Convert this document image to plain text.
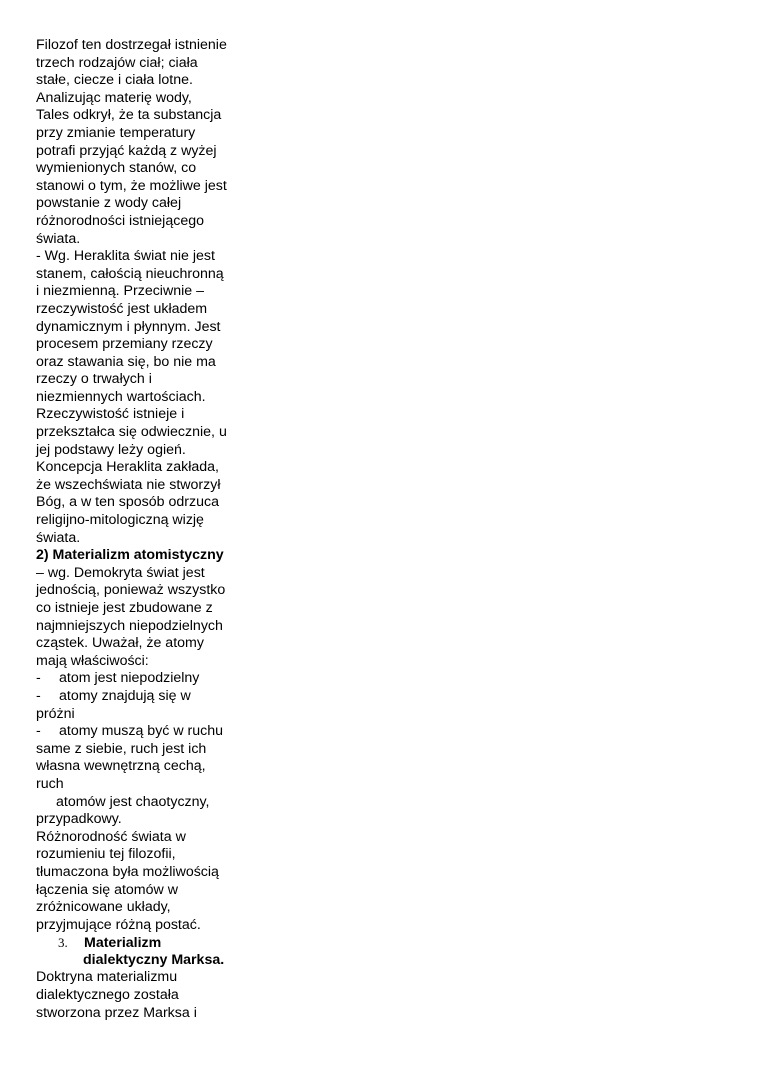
Filozof ten dostrzegał istnienie
trzech rodzajów ciał; ciała
stałe, ciecze i ciała lotne.
Analizując materię wody,
Tales odkrył, że ta substancja
przy zmianie temperatury
potrafi przyjąć każdą z wyżej
wymienionych stanów, co
stanowi o tym, że możliwe jest
powstanie z wody całej
różnorodności istniejącego
świata.
- Wg. Heraklita świat nie jest
stanem, całością nieuchronną
i niezmienną. Przeciwnie –
rzeczywistość jest układem
dynamicznym i płynnym. Jest
procesem przemiany rzeczy
oraz stawania się, bo nie ma
rzeczy o trwałych i
niezmiennych wartościach.
Rzeczywistość istnieje i
przekształca się odwiecznie, u
jej podstawy leży ogień.
Koncepcja Heraklita zakłada,
że wszechświata nie stworzył
Bóg, a w ten sposób odrzuca
religijno-mitologiczną wizję
świata.
2) Materializm atomistyczny
– wg. Demokryta świat jest
jednością, ponieważ wszystko
co istnieje jest zbudowane z
najmniejszych niepodzielnych
cząstek. Uważał, że atomy
mają właściwości:
- atom jest niepodzielny
- atomy znajdują się w
próżni
- atomy muszą być w ruchu
same z siebie, ruch jest ich
własna wewnętrzną cechą,
ruch
atomów jest chaotyczny,
przypadkowy.
Różnorodność świata w
rozumieniu tej filozofii,
tłumaczona była możliwością
łączenia się atomów w
zróżnicowane układy,
przyjmujące różną postać.
3. Materializm
dialektyczny Marksa.
Doktryna materializmu
dialektycznego została
stworzona przez Marksa i
